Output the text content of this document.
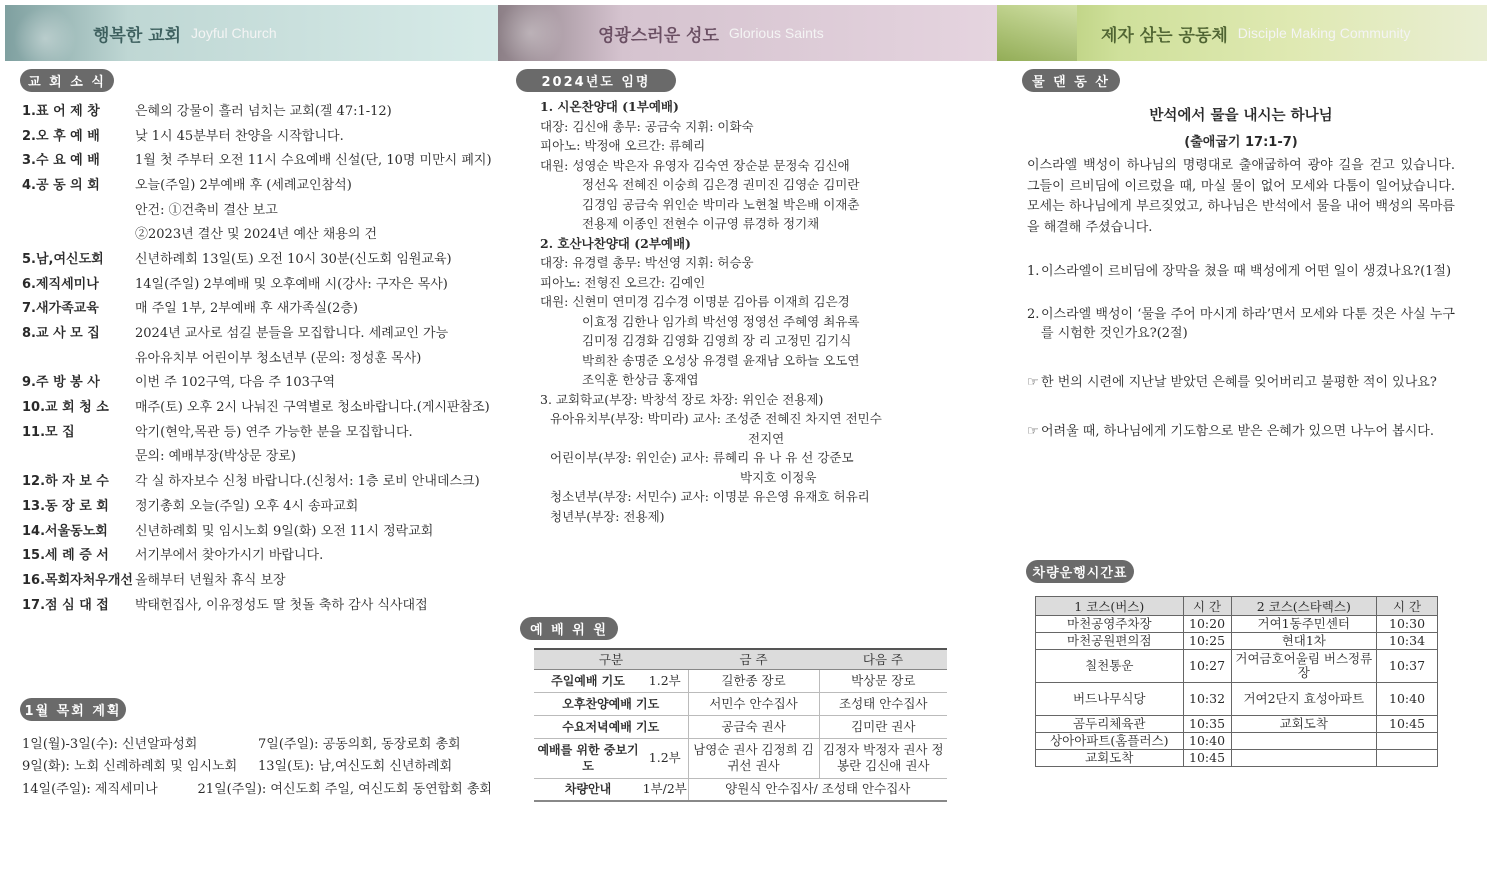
행복한 교회 Joyful Church	영광스러운 성도 Glorious Saints	제자 삼는 공동체 Disciple Making Community
교 회 소 식
1.표 어 제 창	은혜의 강물이 흘러 넘치는 교회(겔 47:1-12)
2.오 후 예 배	낮 1시 45분부터 찬양을 시작합니다.
3.수 요 예 배	1월 첫 주부터 오전 11시 수요예배 신설(단, 10명 미만시 폐지)
4.공 동 의 회	오늘(주일) 2부예배 후 (세례교인참석)
안건: ①건축비 결산 보고
②2023년 결산 및 2024년 예산 채용의 건
5.남,여신도회	신년하례회 13일(토) 오전 10시 30분(신도회 임원교육)
6.제직세미나	14일(주일) 2부예배 및 오후예배 시(강사: 구자은 목사)
7.새가족교육	매 주일 1부, 2부예배 후 새가족실(2층)
8.교 사 모 집	2024년 교사로 섬길 분들을 모집합니다. 세례교인 가능
유아유치부 어린이부 청소년부 (문의: 정성훈 목사)
9.주 방 봉 사	이번 주 102구역, 다음 주 103구역
10.교 회 청 소	매주(토) 오후 2시 나눠진 구역별로 청소바랍니다.(게시판참조)
11.모 집	악기(현악,목관 등) 연주 가능한 분을 모집합니다.
문의: 예배부장(박상문 장로)
12.하 자 보 수	각 실 하자보수 신청 바랍니다.(신청서: 1층 로비 안내데스크)
13.동 장 로 회	정기총회 오늘(주일) 오후 4시 송파교회
14.서울동노회	신년하례회 및 임시노회 9일(화) 오전 11시 정락교회
15.세 례 증 서	서기부에서 찾아가시기 바랍니다.
16.목회자처우개선 올해부터 년월차 휴식 보장
17.점 심 대 접	박태헌집사, 이유정성도 딸 첫돌 축하 감사 식사대접
1월 목회 계획
1일(월)-3일(수): 신년알파성회	7일(주일): 공동의회, 동장로회 총회
9일(화): 노회 신례하례회 및 임시노회	13일(토): 남,여신도회 신년하례회
14일(주일): 제직세미나	21일(주일): 여신도회 주일, 여신도회 동연합회 총회
2024년도 임명
1. 시온찬양대 (1부예배)
대장: 김신애 총무: 공금숙 지휘: 이화숙
피아노: 박정애 오르간: 류혜리
대원: 성영순 박은자 유영자 김숙연 장순분 문정숙 김신애
정선옥 전혜진 이숭희 김은경 권미진 김영순 김미란
김경임 공금숙 위인순 박미라 노현철 박은배 이재춘
전용제 이종인 전현수 이규영 류경하 정기채
2. 호산나찬양대 (2부예배)
대장: 유경렬 총무: 박선영 지휘: 허승웅
피아노: 전형진 오르간: 김예인
대원: 신현미 연미경 김수경 이명분 김아름 이재희 김은경
이효정 김한나 임가희 박선영 정영선 주혜영 최유록
김미정 김경화 김영화 김영희 장 리 고정민 김기식
박희찬 송명준 오성상 유경렬 윤재남 오하늘 오도연
조익훈 한상금 홍재엽
3. 교회학교(부장: 박창석 장로 차장: 위인순 전용제)
유아유치부(부장: 박미라) 교사: 조성준 전혜진 차지연 전민수
전지연
어린이부(부장: 위인순) 교사: 류혜리 유 나 유 선 강준모
박지호 이정욱
청소년부(부장: 서민수) 교사: 이명분 유은영 유재호 허유리
청년부(부장: 전용제)
예 배 위 원
구분		금 주	다음 주
주일예배 기도	1.2부	길한종 장로	박상문 장로
오후찬양예배 기도		서민수 안수집사	조성태 안수집사
수요저녁예배 기도		공금숙 권사	김미란 권사
예배를 위한 중보기도	1.2부	남영순 권사 김정희 김귀선 권사	김정자 박정자 권사 정봉란 김신애 권사
차량안내	1부/2부	양원식 안수집사/ 조성태 안수집사	
물 댄 동 산
반석에서 물을 내시는 하나님
(출애굽기 17:1-7)
이스라엘 백성이 하나님의 명령대로 출애굽하여 광야 길을 걷고 있습니다. 그들이 르비딤에 이르렀을 때, 마실 물이 없어 모세와 다툼이 일어났습니다. 모세는 하나님에게 부르짖었고, 하나님은 반석에서 물을 내어 백성의 목마름을 해결해 주셨습니다.
1. 이스라엘이 르비딤에 장막을 쳤을 때 백성에게 어떤 일이 생겼나요?(1절)
2. 이스라엘 백성이 ‘물을 주어 마시게 하라’면서 모세와 다툰 것은 사실 누구를 시험한 것인가요?(2절)
☞ 한 번의 시련에 지난날 받았던 은혜를 잊어버리고 불평한 적이 있나요?
☞ 어려울 때, 하나님에게 기도함으로 받은 은혜가 있으면 나누어 봅시다.
차량운행시간표
1 코스(버스)	시 간	2 코스(스타렉스)	시 간
마천공영주차장	10:20	거여1동주민센터	10:30
마천공원편의점	10:25	현대1차	10:34
칠천통운	10:27	거여금호어울림 버스정류장	10:37
버드나무식당	10:32	거여2단지 효성아파트	10:40
곰두리체육관	10:35	교회도착	10:45
상아아파트(홈플러스)	10:40		
교회도착	10:45		
